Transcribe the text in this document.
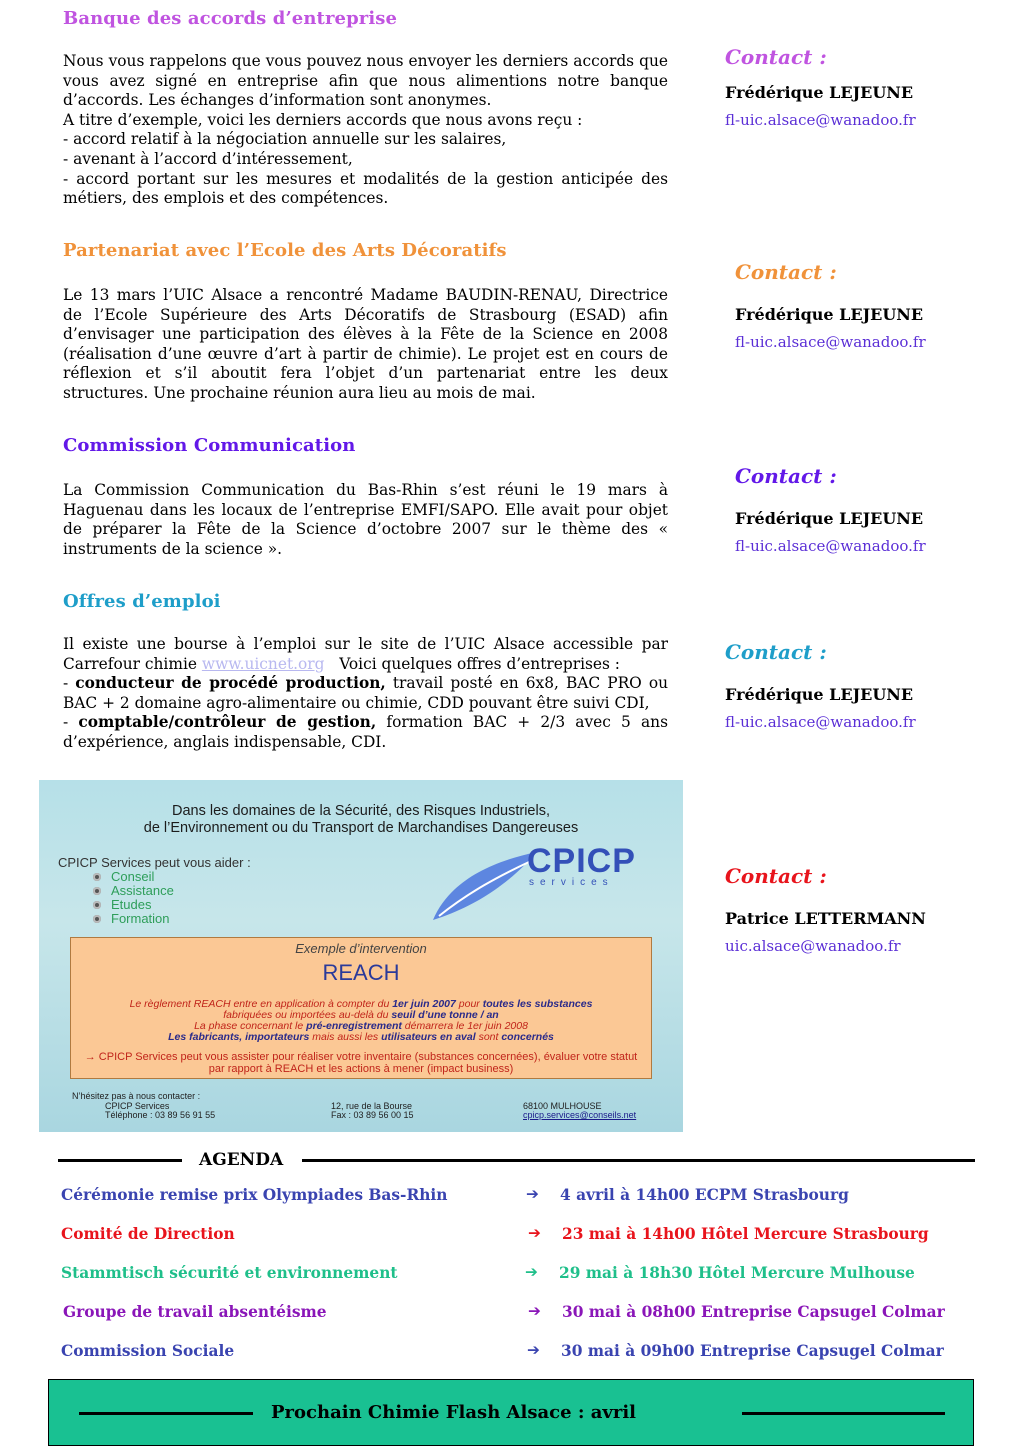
Banque des accords d’entreprise

Nous vous rappelons que vous pouvez nous envoyer les derniers accords que vous avez signé en entreprise afin que nous alimentions notre banque d’accords. Les échanges d’information sont anonymes.

A titre d’exemple, voici les derniers accords que nous avons reçu :

- accord relatif à la négociation annuelle sur les salaires,

- avenant à l’accord d’intéressement,

- accord portant sur les mesures et modalités de la gestion anticipée des métiers, des emplois et des compétences.

Partenariat avec l’Ecole des Arts Décoratifs

Le 13 mars l’UIC Alsace a rencontré Madame BAUDIN-RENAU, Directrice de l’Ecole Supérieure des Arts Décoratifs de Strasbourg (ESAD) afin d’envisager une participation des élèves à la Fête de la Science en 2008 (réalisation d’une œuvre d’art à partir de chimie). Le projet est en cours de réflexion et s’il aboutit fera l’objet d’un partenariat entre les deux structures. Une prochaine réunion aura lieu au mois de mai.

Commission Communication

La Commission Communication du Bas-Rhin s’est réuni le 19 mars à Haguenau dans les locaux de l’entreprise EMFI/SAPO. Elle avait pour objet de préparer la Fête de la Science d’octobre 2007 sur le thème des « instruments de la science ».

Offres d’emploi

Il existe une bourse à l’emploi sur le site de l’UIC Alsace accessible par Carrefour chimie www.uicnet.org Voici quelques offres d’entreprises :

- conducteur de procédé production, travail posté en 6x8, BAC PRO ou BAC + 2 domaine agro-alimentaire ou chimie, CDD pouvant être suivi CDI,

- comptable/contrôleur de gestion, formation BAC + 2/3 avec 5 ans d’expérience, anglais indispensable, CDI.

Contact :
Frédérique LEJEUNE
fl-uic.alsace@wanadoo.fr
Contact :
Frédérique LEJEUNE
fl-uic.alsace@wanadoo.fr
Contact :
Frédérique LEJEUNE
fl-uic.alsace@wanadoo.fr
Contact :
Frédérique LEJEUNE
fl-uic.alsace@wanadoo.fr
Contact :
Patrice LETTERMANN
uic.alsace@wanadoo.fr
Dans les domaines de la Sécurité, des Risques Industriels,
de l’Environnement ou du Transport de Marchandises Dangereuses
CPICP Services peut vous aider :
Conseil
Assistance
Etudes
Formation
CPICP
services
Exemple d’intervention
REACH
Le règlement REACH entre en application à compter du 1er juin 2007 pour toutes les substances
fabriquées ou importées au-delà du seuil d’une tonne / an
La phase concernant le pré-enregistrement démarrera le 1er juin 2008
Les fabricants, importateurs mais aussi les utilisateurs en aval sont concernés
→ CPICP Services peut vous assister pour réaliser votre inventaire (substances concernées), évaluer votre statut par rapport à REACH et les actions à mener (impact business)
N’hésitez pas à nous contacter :
CPICP Services
Téléphone : 03 89 56 91 55
12, rue de la Bourse
Fax : 03 89 56 00 15
68100 MULHOUSE
cpicp.services@conseils.net
AGENDA
Cérémonie remise prix Olympiades Bas-Rhin	➔ 4 avril à 14h00 ECPM Strasbourg
Comité de Direction	➔ 23 mai à 14h00 Hôtel Mercure Strasbourg
Stammtisch sécurité et environnement	➔ 29 mai à 18h30 Hôtel Mercure Mulhouse
Groupe de travail absentéisme	➔ 30 mai à 08h00 Entreprise Capsugel Colmar
Commission Sociale	➔ 30 mai à 09h00 Entreprise Capsugel Colmar
Prochain Chimie Flash Alsace : avril
